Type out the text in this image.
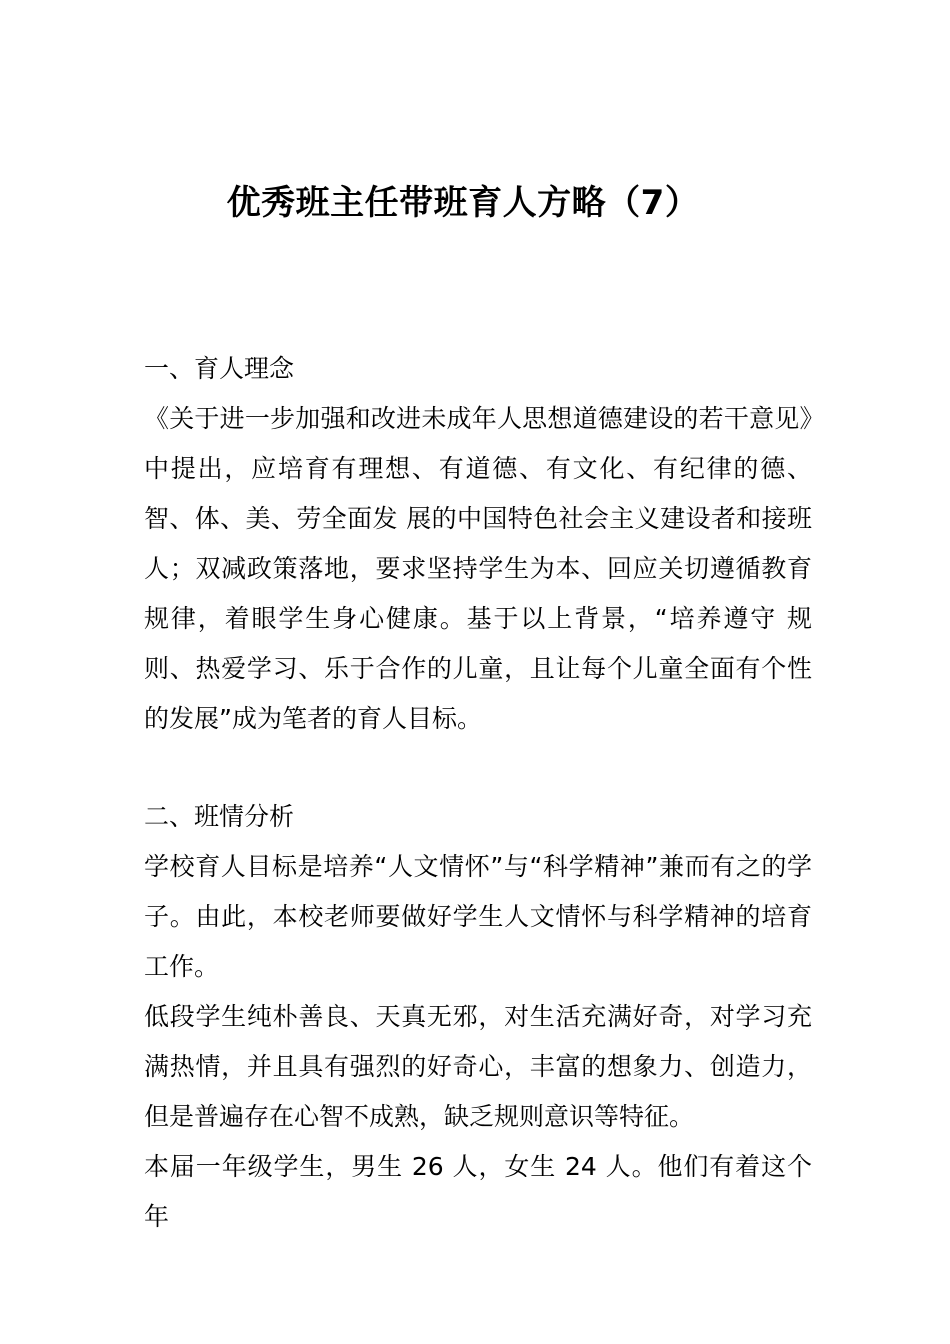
优秀班主任带班育人方略（7）

一、育人理念

《关于进一步加强和改进未成年人思想道德建设的若干意见》中提出，应培育有理想、有道德、有文化、有纪律的德、智、体、美、劳全面发 展的中国特色社会主义建设者和接班人；双减政策落地，要求坚持学生为本、回应关切遵循教育规律，着眼学生身心健康。基于以上背景，“培养遵守 规则、热爱学习、乐于合作的儿童，且让每个儿童全面有个性的发展”成为笔者的育人目标。

二、班情分析

学校育人目标是培养“人文情怀”与“科学精神”兼而有之的学子。由此，本校老师要做好学生人文情怀与科学精神的培育工作。

低段学生纯朴善良、天真无邪，对生活充满好奇，对学习充满热情，并且具有强烈的好奇心，丰富的想象力、创造力，但是普遍存在心智不成熟，缺乏规则意识等特征。

本届一年级学生，男生 26 人，女生 24 人。他们有着这个年
